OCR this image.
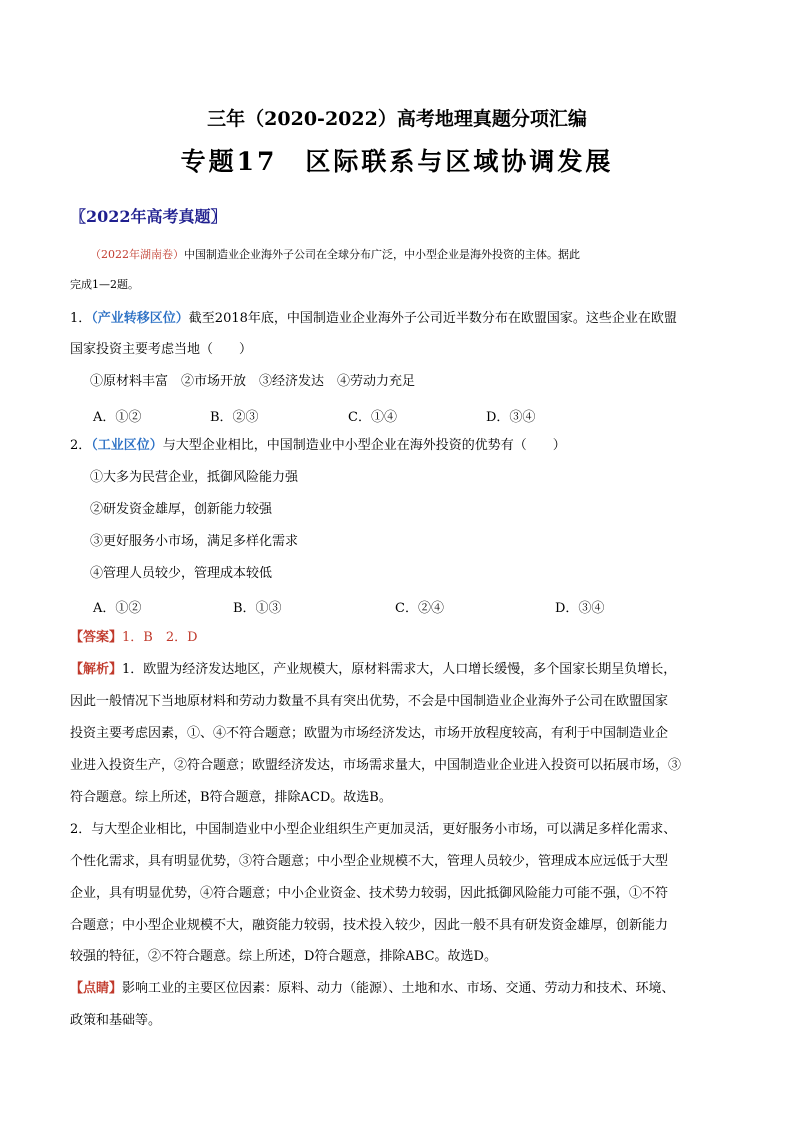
三年（2020-2022）高考地理真题分项汇编
专题17　区际联系与区域协调发展
〖2022年高考真题〗
（2022年湖南卷）中国制造业企业海外子公司在全球分布广泛，中小型企业是海外投资的主体。据此
完成1—2题。
1．（产业转移区位）截至2018年底，中国制造业企业海外子公司近半数分布在欧盟国家。这些企业在欧盟
国家投资主要考虑当地（　　）
①原材料丰富　②市场开放　③经济发达　④劳动力充足
A．①②	B．②③	C．①④	D．③④
2．（工业区位）与大型企业相比，中国制造业中小型企业在海外投资的优势有（　　）
①大多为民营企业，抵御风险能力强
②研发资金雄厚，创新能力较强
③更好服务小市场，满足多样化需求
④管理人员较少，管理成本较低
A．①②	B．①③	C．②④	D．③④
【答案】1．B　2．D
【解析】1．欧盟为经济发达地区，产业规模大，原材料需求大，人口增长缓慢，多个国家长期呈负增长，
因此一般情况下当地原材料和劳动力数量不具有突出优势，不会是中国制造业企业海外子公司在欧盟国家
投资主要考虑因素，①、④不符合题意；欧盟为市场经济发达，市场开放程度较高，有利于中国制造业企
业进入投资生产，②符合题意；欧盟经济发达，市场需求量大，中国制造业企业进入投资可以拓展市场，③
符合题意。综上所述，B符合题意，排除ACD。故选B。
2．与大型企业相比，中国制造业中小型企业组织生产更加灵活，更好服务小市场，可以满足多样化需求、
个性化需求，具有明显优势，③符合题意；中小型企业规模不大，管理人员较少，管理成本应远低于大型
企业，具有明显优势，④符合题意；中小企业资金、技术势力较弱，因此抵御风险能力可能不强，①不符
合题意；中小型企业规模不大，融资能力较弱，技术投入较少，因此一般不具有研发资金雄厚，创新能力
较强的特征，②不符合题意。综上所述，D符合题意，排除ABC。故选D。
【点睛】影响工业的主要区位因素：原料、动力（能源）、土地和水、市场、交通、劳动力和技术、环境、
政策和基础等。
